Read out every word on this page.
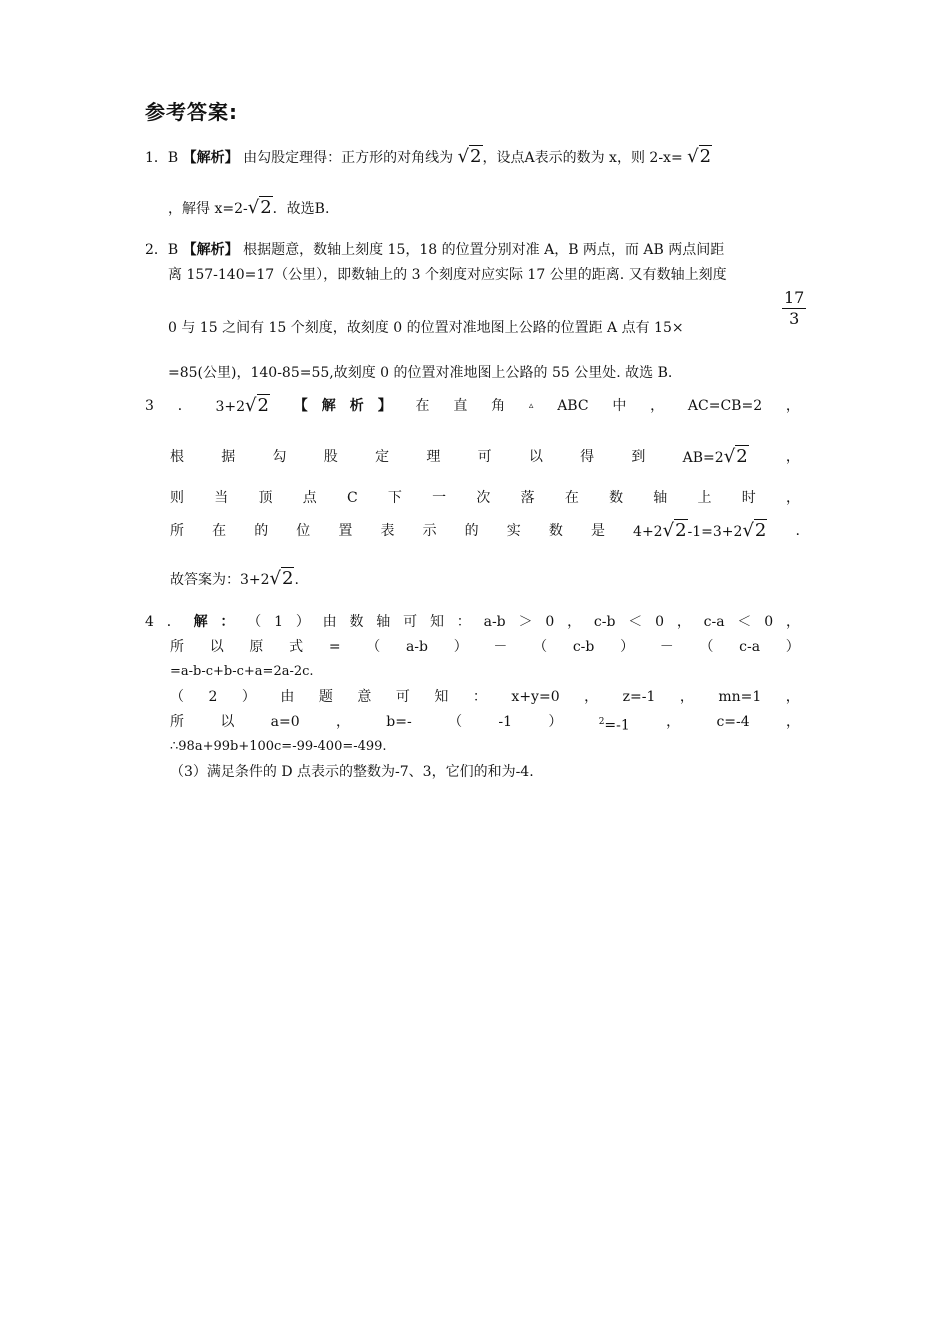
参考答案:
1．B 【解析】 由勾股定理得：正方形的对角线为 √2，设点A表示的数为 x，则 2-x= √2
，解得 x=2-√2．故选B.
2．B 【解析】 根据题意，数轴上刻度 15，18 的位置分别对准 A，B 两点，而 AB 两点间距
离 157-140=17（公里），即数轴上的 3 个刻度对应实际 17 公里的距离. 又有数轴上刻度
0 与 15 之间有 15 个刻度，故刻度 0 的位置对准地图上公路的位置距 A 点有 15×	$\frac{17}{3}$
=85(公里)，140-85=55,故刻度 0 的位置对准地图上公路的 55 公里处. 故选 B.
3 ． 3+2√2 【　解　析　】 在 直 角	▵ ABC 中 ， AC=CB=2 ，
根	据	勾	股	定	理	可	以	得	到	AB=2√2	，
则 当 顶 点 C 下 一 次 落 在 数 轴 上 时 ，
所 在 的 位 置 表 示 的 实 数 是 4+2√2-1=3+2√2 .
故答案为：3+2√2.
4 ． 解 ： （ 1 ） 由 数 轴 可 知 ： a-b ＞ 0 ， c-b ＜ 0 ， c-a ＜ 0 ，
所 以 原 式 = （ a-b ） － （ c-b ） － （ c-a ）
=a-b-c+b-c+a=2a-2c.
（ 2 ） 由 题 意 可 知 ： x+y=0 ， z=-1 ， mn=1 ，
所	以	a=0	，	b=-	（	-1	）	$^2$=-1	，	c=-4	，
∴98a+99b+100c=-99-400=-499.
（3）满足条件的 D 点表示的整数为-7、3，它们的和为-4.
